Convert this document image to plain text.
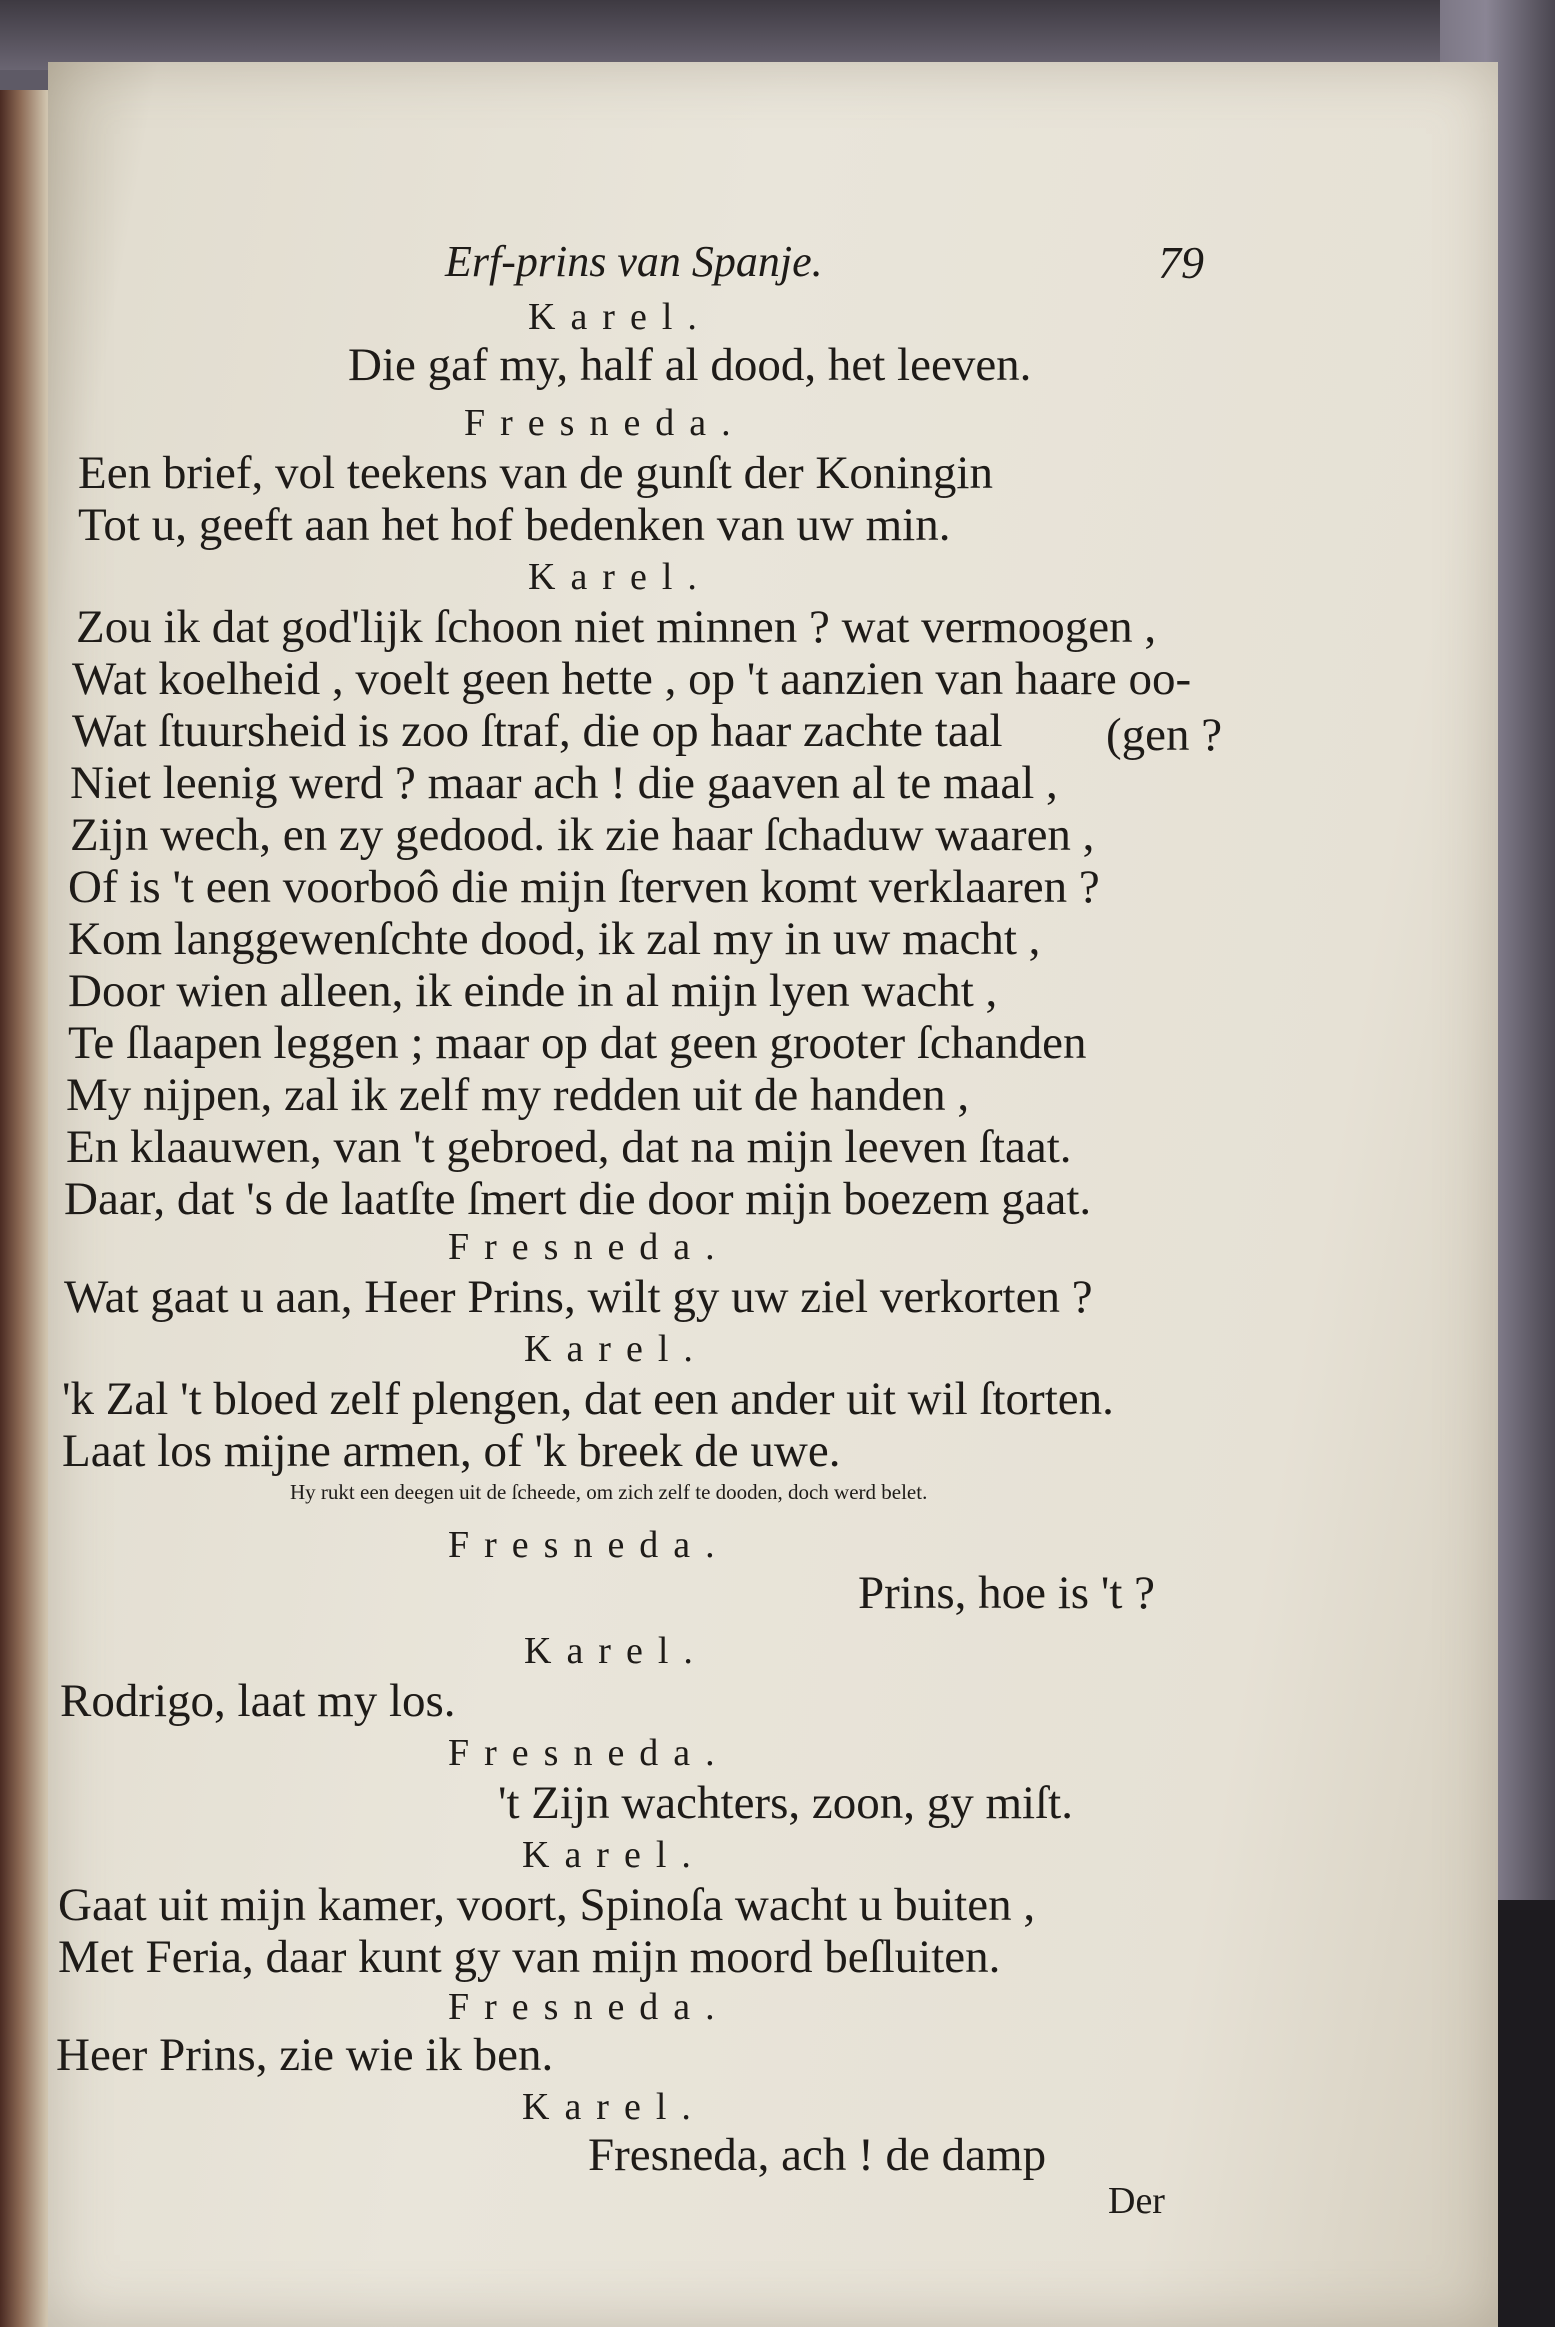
Erf-prins van Spanje.	79
Karel.
Die gaf my, half al dood, het leeven.
Fresneda.
Een brief, vol teekens van de gunſt der Koningin
Tot u, geeft aan het hof bedenken van uw min.
Karel.
Zou ik dat god'lijk ſchoon niet minnen ? wat vermoogen ,
Wat koelheid , voelt geen hette , op 't aanzien van haare oo-
Wat ſtuursheid is zoo ſtraf, die op haar zachte taal (gen ?
Niet leenig werd ? maar ach ! die gaaven al te maal ,
Zijn wech, en zy gedood. ik zie haar ſchaduw waaren ,
Of is 't een voorboô die mijn ſterven komt verklaaren ?
Kom langgewenſchte dood, ik zal my in uw macht ,
Door wien alleen, ik einde in al mijn lyen wacht ,
Te ſlaapen leggen ; maar op dat geen grooter ſchanden
My nijpen, zal ik zelf my redden uit de handen ,
En klaauwen, van 't gebroed, dat na mijn leeven ſtaat.
Daar, dat 's de laatſte ſmert die door mijn boezem gaat.
Fresneda.
Wat gaat u aan, Heer Prins, wilt gy uw ziel verkorten ?
Karel.
'k Zal 't bloed zelf plengen, dat een ander uit wil ſtorten.
Laat los mijne armen, of 'k breek de uwe.
Hy rukt een deegen uit de ſcheede, om zich zelf te dooden, doch werd belet.
Fresneda.
Prins, hoe is 't ?
Karel.
Rodrigo, laat my los.
Fresneda.
't Zijn wachters, zoon, gy miſt.
Karel.
Gaat uit mijn kamer, voort, Spinoſa wacht u buiten ,
Met Feria, daar kunt gy van mijn moord beſluiten.
Fresneda.
Heer Prins, zie wie ik ben.
Karel.
Fresneda, ach ! de damp
Der
